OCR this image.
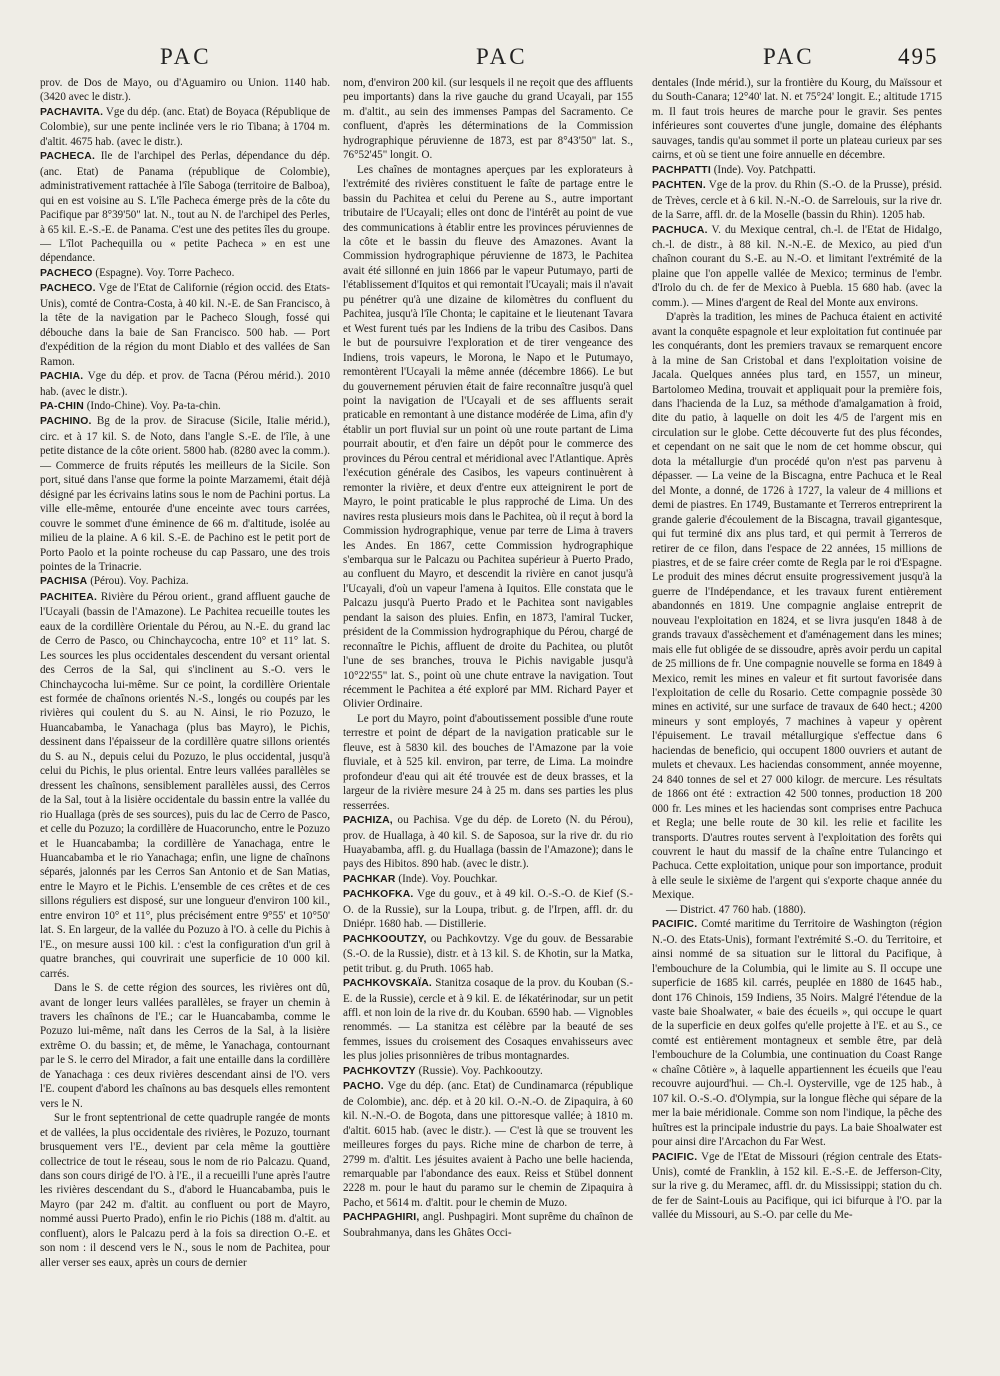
PAC	PAC	PAC	495

prov. de Dos de Mayo, ou d'Aguamiro ou Union. 1140 hab. (3420 avec le distr.).

PACHAVITA. Vge du dép. (anc. Etat) de Boyaca (République de Colombie), sur une pente inclinée vers le rio Tibana; à 1704 m. d'altit. 4675 hab. (avec le distr.).

PACHECA. Ile de l'archipel des Perlas, dépendance du dép. (anc. Etat) de Panama (république de Colombie), administrativement rattachée à l'île Saboga (territoire de Balboa), qui en est voisine au S. L'île Pacheca émerge près de la côte du Pacifique par 8°39'50" lat. N., tout au N. de l'archipel des Perles, à 65 kil. E.-S.-E. de Panama. C'est une des petites îles du groupe. — L'îlot Pachequilla ou « petite Pacheca » en est une dépendance.

PACHECO (Espagne). Voy. Torre Pacheco.

PACHECO. Vge de l'Etat de Californie (région occid. des Etats-Unis), comté de Contra-Costa, à 40 kil. N.-E. de San Francisco, à la tête de la navigation par le Pacheco Slough, fossé qui débouche dans la baie de San Francisco. 500 hab. — Port d'expédition de la région du mont Diablo et des vallées de San Ramon.

PACHIA. Vge du dép. et prov. de Tacna (Pérou mérid.). 2010 hab. (avec le distr.).

PA-CHIN (Indo-Chine). Voy. Pa-ta-chin.

PACHINO. Bg de la prov. de Siracuse (Sicile, Italie mérid.), circ. et à 17 kil. S. de Noto, dans l'angle S.-E. de l'île, à une petite distance de la côte orient. 5800 hab. (8280 avec la comm.). — Commerce de fruits réputés les meilleurs de la Sicile. Son port, situé dans l'anse que forme la pointe Marzamemi, était déjà désigné par les écrivains latins sous le nom de Pachini portus. La ville elle-même, entourée d'une enceinte avec tours carrées, couvre le sommet d'une éminence de 66 m. d'altitude, isolée au milieu de la plaine. A 6 kil. S.-E. de Pachino est le petit port de Porto Paolo et la pointe rocheuse du cap Passaro, une des trois pointes de la Trinacrie.

PACHISA (Pérou). Voy. Pachiza.

PACHITEA. Rivière du Pérou orient., grand affluent gauche de l'Ucayali (bassin de l'Amazone). Le Pachitea recueille toutes les eaux de la cordillère Orientale du Pérou, au N.-E. du grand lac de Cerro de Pasco, ou Chinchaycocha, entre 10° et 11° lat. S. Les sources les plus occidentales descendent du versant oriental des Cerros de la Sal, qui s'inclinent au S.-O. vers le Chinchaycocha lui-même. Sur ce point, la cordillère Orientale est formée de chaînons orientés N.-S., longés ou coupés par les rivières qui coulent du S. au N. Ainsi, le rio Pozuzo, le Huancabamba, le Yanachaga (plus bas Mayro), le Pichis, dessinent dans l'épaisseur de la cordillère quatre sillons orientés du S. au N., depuis celui du Pozuzo, le plus occidental, jusqu'à celui du Pichis, le plus oriental. Entre leurs vallées parallèles se dressent les chaînons, sensiblement parallèles aussi, des Cerros de la Sal, tout à la lisière occidentale du bassin entre la vallée du rio Huallaga (près de ses sources), puis du lac de Cerro de Pasco, et celle du Pozuzo; la cordillère de Huacoruncho, entre le Pozuzo et le Huancabamba; la cordillère de Yanachaga, entre le Huancabamba et le rio Yanachaga; enfin, une ligne de chaînons séparés, jalonnés par les Cerros San Antonio et de San Matias, entre le Mayro et le Pichis. L'ensemble de ces crêtes et de ces sillons réguliers est disposé, sur une longueur d'environ 100 kil., entre environ 10° et 11°, plus précisément entre 9°55' et 10°50' lat. S. En largeur, de la vallée du Pozuzo à l'O. à celle du Pichis à l'E., on mesure aussi 100 kil. : c'est la configuration d'un gril à quatre branches, qui couvrirait une superficie de 10 000 kil. carrés.

Dans le S. de cette région des sources, les rivières ont dû, avant de longer leurs vallées parallèles, se frayer un chemin à travers les chaînons de l'E.; car le Huancabamba, comme le Pozuzo lui-même, naît dans les Cerros de la Sal, à la lisière extrême O. du bassin; et, de même, le Yanachaga, contournant par le S. le cerro del Mirador, a fait une entaille dans la cordillère de Yanachaga : ces deux rivières descendant ainsi de l'O. vers l'E. coupent d'abord les chaînons au bas desquels elles remontent vers le N.

Sur le front septentrional de cette quadruple rangée de monts et de vallées, la plus occidentale des rivières, le Pozuzo, tournant brusquement vers l'E., devient par cela même la gouttière collectrice de tout le réseau, sous le nom de rio Palcazu. Quand, dans son cours dirigé de l'O. à l'E., il a recueilli l'une après l'autre les rivières descendant du S., d'abord le Huancabamba, puis le Mayro (par 242 m. d'altit. au confluent ou port de Mayro, nommé aussi Puerto Prado), enfin le rio Pichis (188 m. d'altit. au confluent), alors le Palcazu perd à la fois sa direction O.-E. et son nom : il descend vers le N., sous le nom de Pachitea, pour aller verser ses eaux, après un cours de dernier

nom, d'environ 200 kil. (sur lesquels il ne reçoit que des affluents peu importants) dans la rive gauche du grand Ucayali, par 155 m. d'altit., au sein des immenses Pampas del Sacramento. Ce confluent, d'après les déterminations de la Commission hydrographique péruvienne de 1873, est par 8°43'50" lat. S., 76°52'45" longit. O.

Les chaînes de montagnes aperçues par les explorateurs à l'extrémité des rivières constituent le faîte de partage entre le bassin du Pachitea et celui du Perene au S., autre important tributaire de l'Ucayali; elles ont donc de l'intérêt au point de vue des communications à établir entre les provinces péruviennes de la côte et le bassin du fleuve des Amazones. Avant la Commission hydrographique péruvienne de 1873, le Pachitea avait été sillonné en juin 1866 par le vapeur Putumayo, parti de l'établissement d'Iquitos et qui remontait l'Ucayali; mais il n'avait pu pénétrer qu'à une dizaine de kilomètres du confluent du Pachitea, jusqu'à l'île Chonta; le capitaine et le lieutenant Tavara et West furent tués par les Indiens de la tribu des Casibos. Dans le but de poursuivre l'exploration et de tirer vengeance des Indiens, trois vapeurs, le Morona, le Napo et le Putumayo, remontèrent l'Ucayali la même année (décembre 1866). Le but du gouvernement péruvien était de faire reconnaître jusqu'à quel point la navigation de l'Ucayali et de ses affluents serait praticable en remontant à une distance modérée de Lima, afin d'y établir un port fluvial sur un point où une route partant de Lima pourrait aboutir, et d'en faire un dépôt pour le commerce des provinces du Pérou central et méridional avec l'Atlantique. Après l'exécution générale des Casibos, les vapeurs continuèrent à remonter la rivière, et deux d'entre eux atteignirent le port de Mayro, le point praticable le plus rapproché de Lima. Un des navires resta plusieurs mois dans le Pachitea, où il reçut à bord la Commission hydrographique, venue par terre de Lima à travers les Andes. En 1867, cette Commission hydrographique s'embarqua sur le Palcazu ou Pachitea supérieur à Puerto Prado, au confluent du Mayro, et descendit la rivière en canot jusqu'à l'Ucayali, d'où un vapeur l'amena à Iquitos. Elle constata que le Palcazu jusqu'à Puerto Prado et le Pachitea sont navigables pendant la saison des pluies. Enfin, en 1873, l'amiral Tucker, président de la Commission hydrographique du Pérou, chargé de reconnaître le Pichis, affluent de droite du Pachitea, ou plutôt l'une de ses branches, trouva le Pichis navigable jusqu'à 10°22'55" lat. S., point où une chute entrave la navigation. Tout récemment le Pachitea a été exploré par MM. Richard Payer et Olivier Ordinaire.

Le port du Mayro, point d'aboutissement possible d'une route terrestre et point de départ de la navigation praticable sur le fleuve, est à 5830 kil. des bouches de l'Amazone par la voie fluviale, et à 525 kil. environ, par terre, de Lima. La moindre profondeur d'eau qui ait été trouvée est de deux brasses, et la largeur de la rivière mesure 24 à 25 m. dans ses parties les plus resserrées.

PACHIZA, ou Pachisa. Vge du dép. de Loreto (N. du Pérou), prov. de Huallaga, à 40 kil. S. de Saposoa, sur la rive dr. du rio Huayabamba, affl. g. du Huallaga (bassin de l'Amazone); dans le pays des Hibitos. 890 hab. (avec le distr.).

PACHKAR (Inde). Voy. Pouchkar.

PACHKOFKA. Vge du gouv., et à 49 kil. O.-S.-O. de Kief (S.-O. de la Russie), sur la Loupa, tribut. g. de l'Irpen, affl. dr. du Dniépr. 1680 hab. — Distillerie.

PACHKOOUTZY, ou Pachkovtzy. Vge du gouv. de Bessarabie (S.-O. de la Russie), distr. et à 13 kil. S. de Khotin, sur la Matka, petit tribut. g. du Pruth. 1065 hab.

PACHKOVSKAÏA. Stanitza cosaque de la prov. du Kouban (S.-E. de la Russie), cercle et à 9 kil. E. de Iékatérinodar, sur un petit affl. et non loin de la rive dr. du Kouban. 6590 hab. — Vignobles renommés. — La stanitza est célèbre par la beauté de ses femmes, issues du croisement des Cosaques envahisseurs avec les plus jolies prisonnières de tribus montagnardes.

PACHKOVTZY (Russie). Voy. Pachkooutzy.

PACHO. Vge du dép. (anc. Etat) de Cundinamarca (république de Colombie), anc. dép. et à 20 kil. O.-N.-O. de Zipaquira, à 60 kil. N.-N.-O. de Bogota, dans une pittoresque vallée; à 1810 m. d'altit. 6015 hab. (avec le distr.). — C'est là que se trouvent les meilleures forges du pays. Riche mine de charbon de terre, à 2799 m. d'altit. Les jésuites avaient à Pacho une belle hacienda, remarquable par l'abondance des eaux. Reiss et Stübel donnent 2228 m. pour le haut du paramo sur le chemin de Zipaquira à Pacho, et 5614 m. d'altit. pour le chemin de Muzo.

PACHPAGHIRI, angl. Pushpagiri. Mont suprême du chaînon de Soubrahmanya, dans les Ghâtes Occi-

dentales (Inde mérid.), sur la frontière du Kourg, du Maïssour et du South-Canara; 12°40' lat. N. et 75°24' longit. E.; altitude 1715 m. Il faut trois heures de marche pour le gravir. Ses pentes inférieures sont couvertes d'une jungle, domaine des éléphants sauvages, tandis qu'au sommet il porte un plateau curieux par ses cairns, et où se tient une foire annuelle en décembre.

PACHPATTI (Inde). Voy. Patchpatti.

PACHTEN. Vge de la prov. du Rhin (S.-O. de la Prusse), présid. de Trèves, cercle et à 6 kil. N.-N.-O. de Sarrelouis, sur la rive dr. de la Sarre, affl. dr. de la Moselle (bassin du Rhin). 1205 hab.

PACHUCA. V. du Mexique central, ch.-l. de l'Etat de Hidalgo, ch.-l. de distr., à 88 kil. N.-N.-E. de Mexico, au pied d'un chaînon courant du S.-E. au N.-O. et limitant l'extrémité de la plaine que l'on appelle vallée de Mexico; terminus de l'embr. d'Irolo du ch. de fer de Mexico à Puebla. 15 680 hab. (avec la comm.). — Mines d'argent de Real del Monte aux environs.

D'après la tradition, les mines de Pachuca étaient en activité avant la conquête espagnole et leur exploitation fut continuée par les conquérants, dont les premiers travaux se remarquent encore à la mine de San Cristobal et dans l'exploitation voisine de Jacala. Quelques années plus tard, en 1557, un mineur, Bartolomeo Medina, trouvait et appliquait pour la première fois, dans l'hacienda de la Luz, sa méthode d'amalgamation à froid, dite du patio, à laquelle on doit les 4/5 de l'argent mis en circulation sur le globe. Cette découverte fut des plus fécondes, et cependant on ne sait que le nom de cet homme obscur, qui dota la métallurgie d'un procédé qu'on n'est pas parvenu à dépasser. — La veine de la Biscagna, entre Pachuca et le Real del Monte, a donné, de 1726 à 1727, la valeur de 4 millions et demi de piastres. En 1749, Bustamante et Terreros entreprirent la grande galerie d'écoulement de la Biscagna, travail gigantesque, qui fut terminé dix ans plus tard, et qui permit à Terreros de retirer de ce filon, dans l'espace de 22 années, 15 millions de piastres, et de se faire créer comte de Regla par le roi d'Espagne. Le produit des mines décrut ensuite progressivement jusqu'à la guerre de l'Indépendance, et les travaux furent entièrement abandonnés en 1819. Une compagnie anglaise entreprit de nouveau l'exploitation en 1824, et se livra jusqu'en 1848 à de grands travaux d'assèchement et d'aménagement dans les mines; mais elle fut obligée de se dissoudre, après avoir perdu un capital de 25 millions de fr. Une compagnie nouvelle se forma en 1849 à Mexico, remit les mines en valeur et fit surtout favorisée dans l'exploitation de celle du Rosario. Cette compagnie possède 30 mines en activité, sur une surface de travaux de 640 hect.; 4200 mineurs y sont employés, 7 machines à vapeur y opèrent l'épuisement. Le travail métallurgique s'effectue dans 6 haciendas de beneficio, qui occupent 1800 ouvriers et autant de mulets et chevaux. Les haciendas consomment, année moyenne, 24 840 tonnes de sel et 27 000 kilogr. de mercure. Les résultats de 1866 ont été : extraction 42 500 tonnes, production 18 200 000 fr. Les mines et les haciendas sont comprises entre Pachuca et Regla; une belle route de 30 kil. les relie et facilite les transports. D'autres routes servent à l'exploitation des forêts qui couvrent le haut du massif de la chaîne entre Tulancingo et Pachuca. Cette exploitation, unique pour son importance, produit à elle seule le sixième de l'argent qui s'exporte chaque année du Mexique.

— District. 47 760 hab. (1880).

PACIFIC. Comté maritime du Territoire de Washington (région N.-O. des Etats-Unis), formant l'extrémité S.-O. du Territoire, et ainsi nommé de sa situation sur le littoral du Pacifique, à l'embouchure de la Columbia, qui le limite au S. Il occupe une superficie de 1685 kil. carrés, peuplée en 1880 de 1645 hab., dont 176 Chinois, 159 Indiens, 35 Noirs. Malgré l'étendue de la vaste baie Shoalwater, « baie des écueils », qui occupe le quart de la superficie en deux golfes qu'elle projette à l'E. et au S., ce comté est entièrement montagneux et semble être, par delà l'embouchure de la Columbia, une continuation du Coast Range « chaîne Côtière », à laquelle appartiennent les écueils que l'eau recouvre aujourd'hui. — Ch.-l. Oysterville, vge de 125 hab., à 107 kil. O.-S.-O. d'Olympia, sur la longue flèche qui sépare de la mer la baie méridionale. Comme son nom l'indique, la pêche des huîtres est la principale industrie du pays. La baie Shoalwater est pour ainsi dire l'Arcachon du Far West.

PACIFIC. Vge de l'Etat de Missouri (région centrale des Etats-Unis), comté de Franklin, à 152 kil. E.-S.-E. de Jefferson-City, sur la rive g. du Meramec, affl. dr. du Mississippi; station du ch. de fer de Saint-Louis au Pacifique, qui ici bifurque à l'O. par la vallée du Missouri, au S.-O. par celle du Me-
